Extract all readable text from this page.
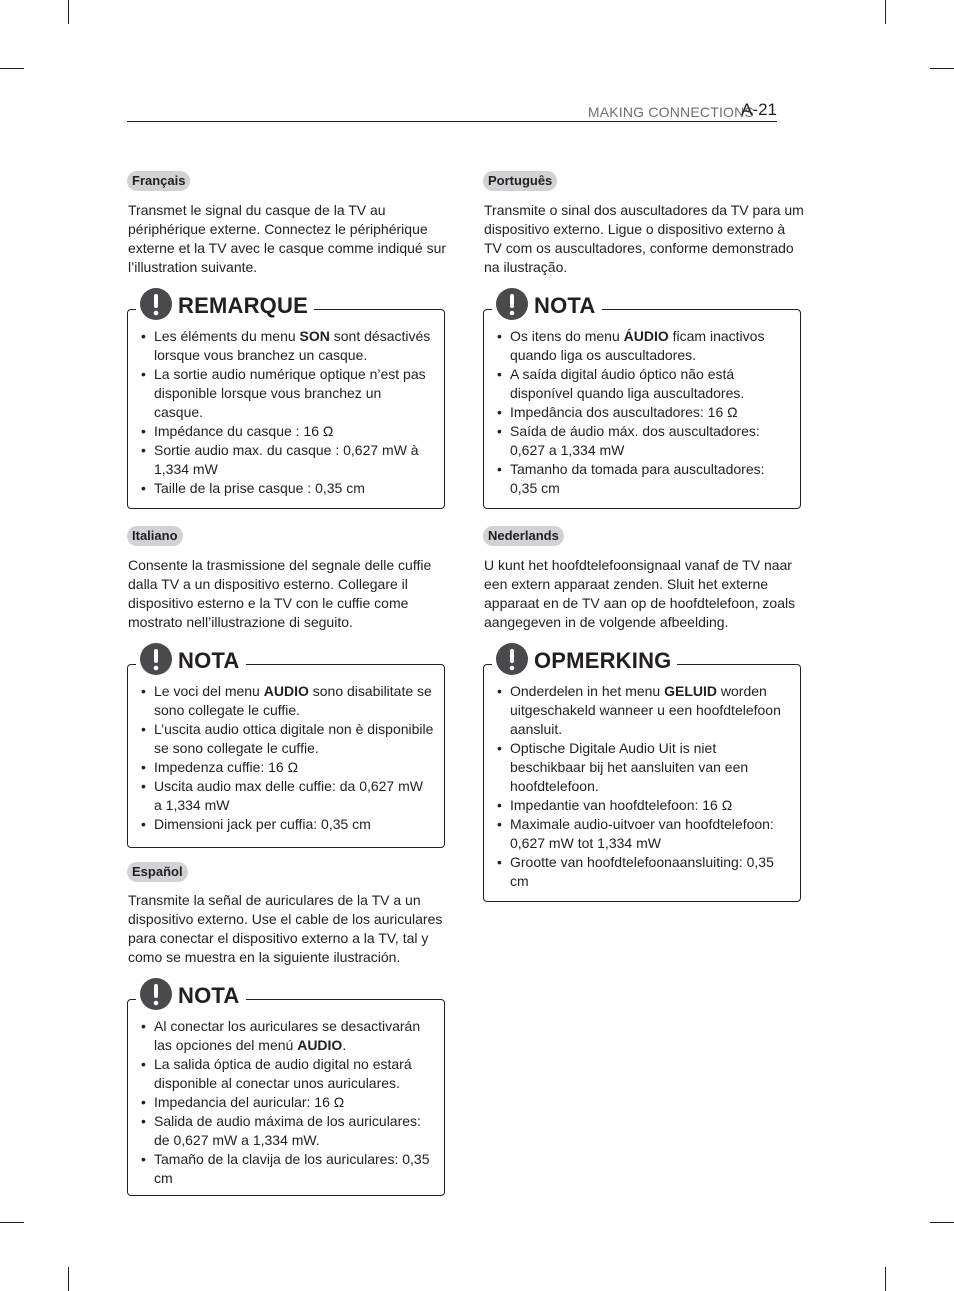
MAKING CONNECTIONS
A-21
Français
Transmet le signal du casque de la TV au périphérique externe. Connectez le périphérique externe et la TV avec le casque comme indiqué sur l’illustration suivante.
REMARQUE
• Les éléments du menu SON sont désactivés lorsque vous branchez un casque.
• La sortie audio numérique optique n’est pas disponible lorsque vous branchez un casque.
• Impédance du casque : 16 Ω
• Sortie audio max. du casque : 0,627 mW à 1,334 mW
• Taille de la prise casque : 0,35 cm
Italiano
Consente la trasmissione del segnale delle cuffie dalla TV a un dispositivo esterno. Collegare il dispositivo esterno e la TV con le cuffie come mostrato nell’illustrazione di seguito.
NOTA
• Le voci del menu AUDIO sono disabilitate se sono collegate le cuffie.
• L’uscita audio ottica digitale non è disponibile se sono collegate le cuffie.
• Impedenza cuffie: 16 Ω
• Uscita audio max delle cuffie: da 0,627 mW a 1,334 mW
• Dimensioni jack per cuffia: 0,35 cm
Español
Transmite la señal de auriculares de la TV a un dispositivo externo. Use el cable de los auriculares para conectar el dispositivo externo a la TV, tal y como se muestra en la siguiente ilustración.
NOTA
• Al conectar los auriculares se desactivarán las opciones del menú AUDIO.
• La salida óptica de audio digital no estará disponible al conectar unos auriculares.
• Impedancia del auricular: 16 Ω
• Salida de audio máxima de los auriculares: de 0,627 mW a 1,334 mW.
• Tamaño de la clavija de los auriculares: 0,35 cm
Português
Transmite o sinal dos auscultadores da TV para um dispositivo externo. Ligue o dispositivo externo à TV com os auscultadores, conforme demonstrado na ilustração.
NOTA
• Os itens do menu ÁUDIO ficam inactivos quando liga os auscultadores.
• A saída digital áudio óptico não está disponível quando liga auscultadores.
• Impedância dos auscultadores: 16 Ω
• Saída de áudio máx. dos auscultadores: 0,627 a 1,334 mW
• Tamanho da tomada para auscultadores: 0,35 cm
Nederlands
U kunt het hoofdtelefoonsignaal vanaf de TV naar een extern apparaat zenden. Sluit het externe apparaat en de TV aan op de hoofdtelefoon, zoals aangegeven in de volgende afbeelding.
OPMERKING
• Onderdelen in het menu GELUID worden uitgeschakeld wanneer u een hoofdtelefoon aansluit.
• Optische Digitale Audio Uit is niet beschikbaar bij het aansluiten van een hoofdtelefoon.
• Impedantie van hoofdtelefoon: 16 Ω
• Maximale audio-uitvoer van hoofdtelefoon: 0,627 mW tot 1,334 mW
• Grootte van hoofdtelefoonaansluiting: 0,35 cm
